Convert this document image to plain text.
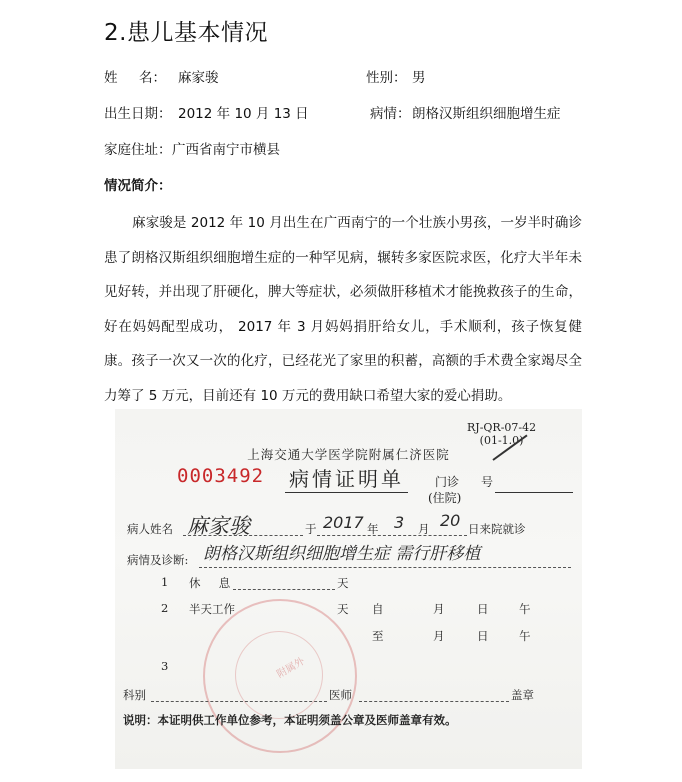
2.患儿基本情况
姓     名： 麻家骏	性别： 男
出生日期： 2012 年 10 月 13 日	病情： 朗格汉斯组织细胞增生症
家庭住址： 广西省南宁市横县
情况简介：
麻家骏是 2012 年 10 月出生在广西南宁的一个壮族小男孩，一岁半时确诊患了朗格汉斯组织细胞增生症的一种罕见病，辗转多家医院求医，化疗大半年未见好转，并出现了肝硬化，脾大等症状，必须做肝移植术才能挽救孩子的生命，好在妈妈配型成功， 2017 年 3 月妈妈捐肝给女儿，手术顺利，孩子恢复健康。孩子一次又一次的化疗，已经花光了家里的积蓄，高额的手术费全家竭尽全力筹了 5 万元，目前还有 10 万元的费用缺口希望大家的爱心捐助。
附属外
RJ-QR-07-42
(01-1.0)
上海交通大学医学院附属仁济医院
0003492 病情证明单	门诊 号
(住院)
病人姓名 麻家骏	于 2017 年 3 月 20 日来院就诊
病情及诊断: 朗格汉斯组织细胞增生症 需行肝移植
1 休     息	天
2 半天工作	天 自	月	日	午
至	月	日	午
3
科别	医师	盖章
说明：本证明供工作单位参考，本证明须盖公章及医师盖章有效。
